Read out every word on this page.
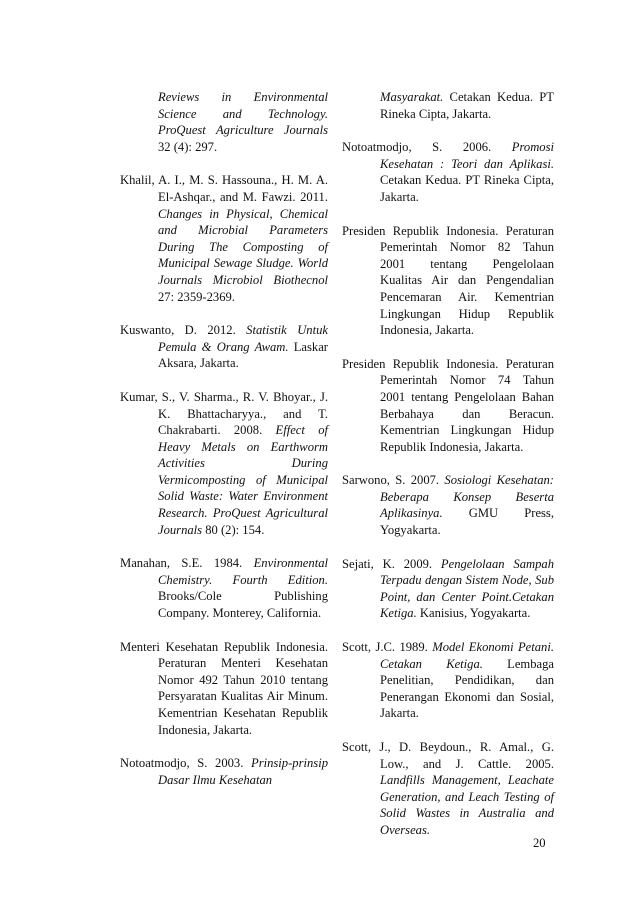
Reviews in Environmental Science and Technology. ProQuest Agriculture Journals 32 (4): 297.

Khalil, A. I., M. S. Hassouna., H. M. A. El-Ashqar., and M. Fawzi. 2011. Changes in Physical, Chemical and Microbial Parameters During The Composting of Municipal Sewage Sludge. World Journals Microbiol Biothecnol 27: 2359-2369.

Kuswanto, D. 2012. Statistik Untuk Pemula & Orang Awam. Laskar Aksara, Jakarta.

Kumar, S., V. Sharma., R. V. Bhoyar., J. K. Bhattacharyya., and T. Chakrabarti. 2008. Effect of Heavy Metals on Earthworm Activities During Vermicomposting of Municipal Solid Waste: Water Environment Research. ProQuest Agricultural Journals 80 (2): 154.

Manahan, S.E. 1984. Environmental Chemistry. Fourth Edition. Brooks/Cole Publishing Company. Monterey, California.

Menteri Kesehatan Republik Indonesia. Peraturan Menteri Kesehatan Nomor 492 Tahun 2010 tentang Persyaratan Kualitas Air Minum. Kementrian Kesehatan Republik Indonesia, Jakarta.

Notoatmodjo, S. 2003. Prinsip-prinsip Dasar Ilmu Kesehatan

Masyarakat. Cetakan Kedua. PT Rineka Cipta, Jakarta.

Notoatmodjo, S. 2006. Promosi Kesehatan : Teori dan Aplikasi. Cetakan Kedua. PT Rineka Cipta, Jakarta.

Presiden Republik Indonesia. Peraturan Pemerintah Nomor 82 Tahun 2001 tentang Pengelolaan Kualitas Air dan Pengendalian Pencemaran Air. Kementrian Lingkungan Hidup Republik Indonesia, Jakarta.

Presiden Republik Indonesia. Peraturan Pemerintah Nomor 74 Tahun 2001 tentang Pengelolaan Bahan Berbahaya dan Beracun. Kementrian Lingkungan Hidup Republik Indonesia, Jakarta.

Sarwono, S. 2007. Sosiologi Kesehatan: Beberapa Konsep Beserta Aplikasinya. GMU Press, Yogyakarta.

Sejati, K. 2009. Pengelolaan Sampah Terpadu dengan Sistem Node, Sub Point, dan Center Point.Cetakan Ketiga. Kanisius, Yogyakarta.

Scott, J.C. 1989. Model Ekonomi Petani. Cetakan Ketiga. Lembaga Penelitian, Pendidikan, dan Penerangan Ekonomi dan Sosial, Jakarta.

Scott, J., D. Beydoun., R. Amal., G. Low., and J. Cattle. 2005. Landfills Management, Leachate Generation, and Leach Testing of Solid Wastes in Australia and Overseas.

20
